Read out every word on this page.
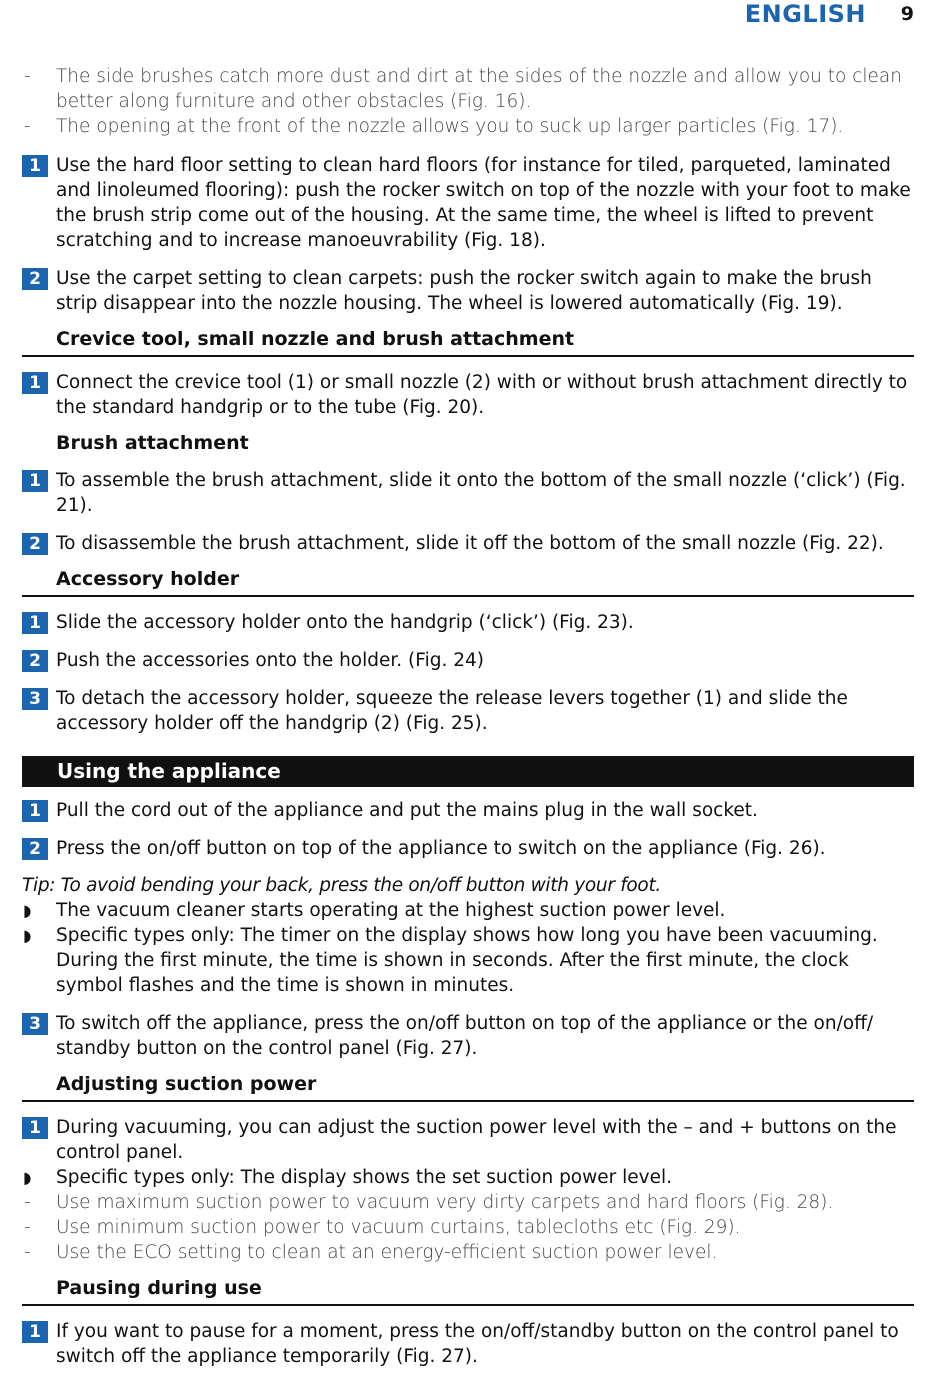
ENGLISH 9
- The side brushes catch more dust and dirt at the sides of the nozzle and allow you to clean better along furniture and other obstacles (Fig. 16).
- The opening at the front of the nozzle allows you to suck up larger particles (Fig. 17).
1 Use the hard floor setting to clean hard floors (for instance for tiled, parqueted, laminated and linoleumed flooring): push the rocker switch on top of the nozzle with your foot to make the brush strip come out of the housing. At the same time, the wheel is lifted to prevent scratching and to increase manoeuvrability (Fig. 18).
2 Use the carpet setting to clean carpets: push the rocker switch again to make the brush strip disappear into the nozzle housing. The wheel is lowered automatically (Fig. 19).
Crevice tool, small nozzle and brush attachment
1 Connect the crevice tool (1) or small nozzle (2) with or without brush attachment directly to the standard handgrip or to the tube (Fig. 20).
Brush attachment
1 To assemble the brush attachment, slide it onto the bottom of the small nozzle (‘click’) (Fig. 21).
2 To disassemble the brush attachment, slide it off the bottom of the small nozzle (Fig. 22).
Accessory holder
1 Slide the accessory holder onto the handgrip (‘click’) (Fig. 23).
2 Push the accessories onto the holder. (Fig. 24)
3 To detach the accessory holder, squeeze the release levers together (1) and slide the accessory holder off the handgrip (2) (Fig. 25).
Using the appliance
1 Pull the cord out of the appliance and put the mains plug in the wall socket.
2 Press the on/off button on top of the appliance to switch on the appliance (Fig. 26).
Tip: To avoid bending your back, press the on/off button with your foot.
◗ The vacuum cleaner starts operating at the highest suction power level.
◗ Specific types only: The timer on the display shows how long you have been vacuuming. During the first minute, the time is shown in seconds. After the first minute, the clock symbol flashes and the time is shown in minutes.
3 To switch off the appliance, press the on/off button on top of the appliance or the on/off/ standby button on the control panel (Fig. 27).
Adjusting suction power
1 During vacuuming, you can adjust the suction power level with the – and + buttons on the control panel.
◗ Specific types only: The display shows the set suction power level.
- Use maximum suction power to vacuum very dirty carpets and hard floors (Fig. 28).
- Use minimum suction power to vacuum curtains, tablecloths etc (Fig. 29).
- Use the ECO setting to clean at an energy-efficient suction power level.
Pausing during use
1 If you want to pause for a moment, press the on/off/standby button on the control panel to switch off the appliance temporarily (Fig. 27).
